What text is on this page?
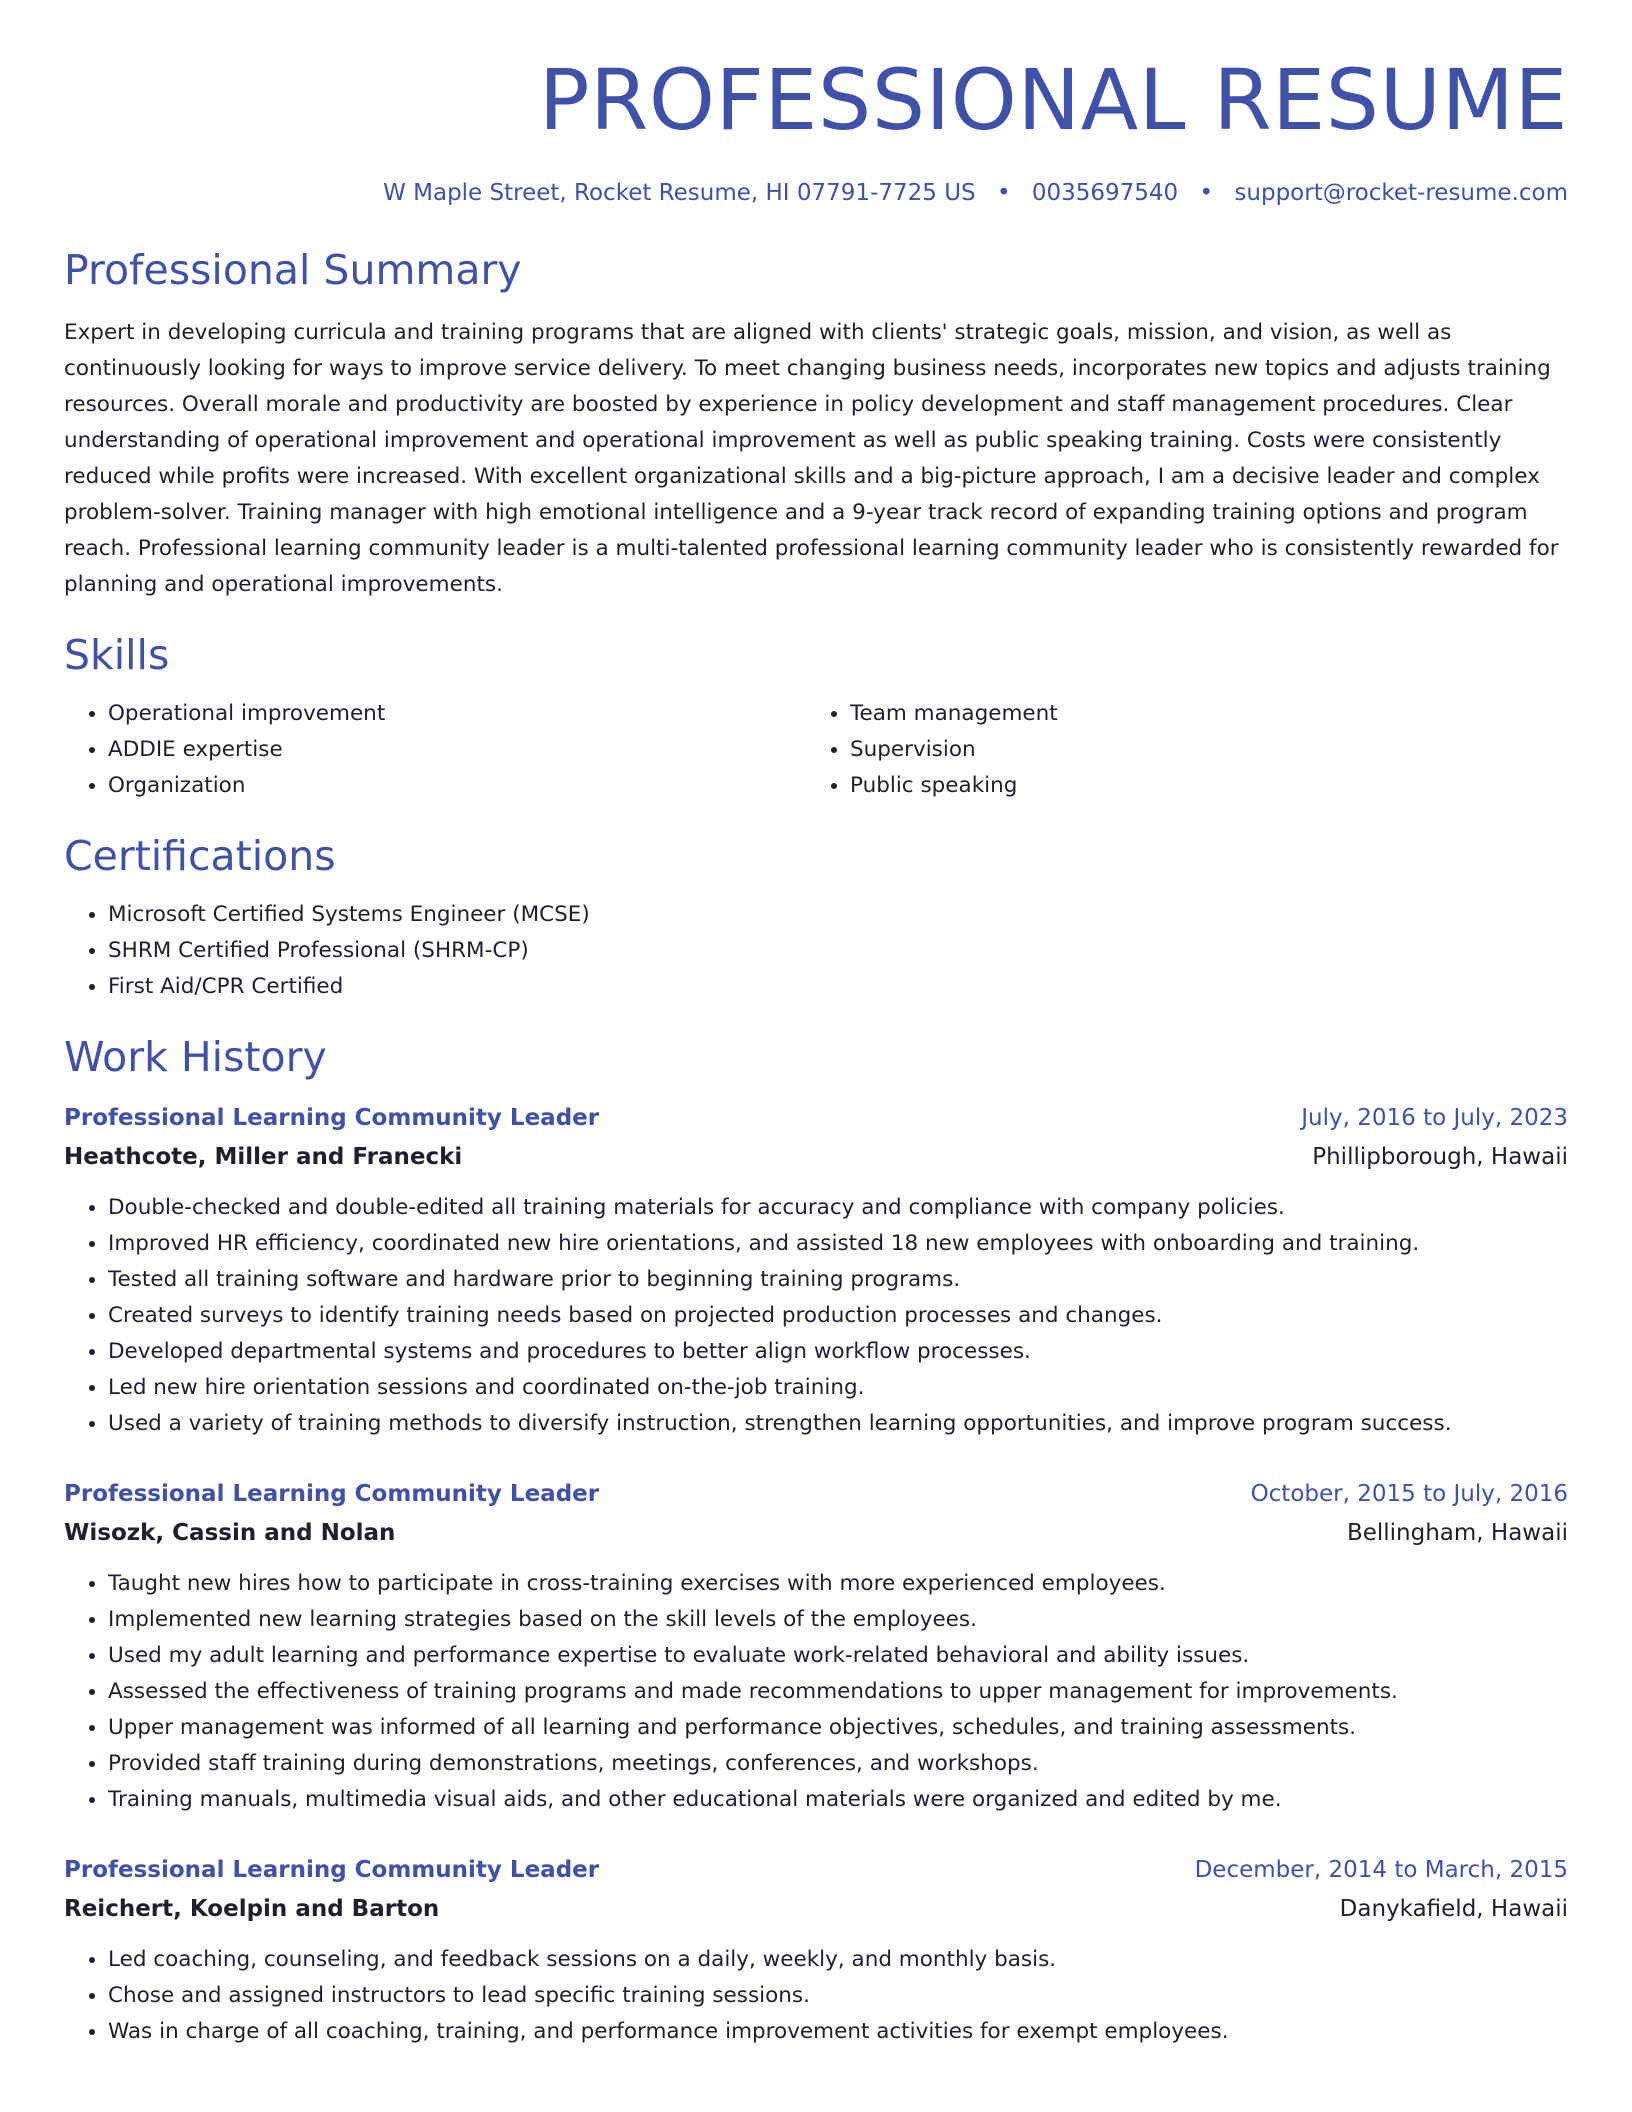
PROFESSIONAL RESUME
W Maple Street, Rocket Resume, HI 07791-7725 US • 0035697540 • support@rocket-resume.com
Professional Summary
Expert in developing curricula and training programs that are aligned with clients' strategic goals, mission, and vision, as well as continuously looking for ways to improve service delivery. To meet changing business needs, incorporates new topics and adjusts training resources. Overall morale and productivity are boosted by experience in policy development and staff management procedures. Clear understanding of operational improvement and operational improvement as well as public speaking training. Costs were consistently reduced while profits were increased. With excellent organizational skills and a big-picture approach, I am a decisive leader and complex problem-solver. Training manager with high emotional intelligence and a 9-year track record of expanding training options and program reach. Professional learning community leader is a multi-talented professional learning community leader who is consistently rewarded for planning and operational improvements.
Skills
• Operational improvement
• ADDIE expertise
• Organization
• Team management
• Supervision
• Public speaking
Certifications
• Microsoft Certified Systems Engineer (MCSE)
• SHRM Certified Professional (SHRM-CP)
• First Aid/CPR Certified
Work History
Professional Learning Community Leader	July, 2016 to July, 2023
Heathcote, Miller and Franecki	Phillipborough, Hawaii
• Double-checked and double-edited all training materials for accuracy and compliance with company policies.
• Improved HR efficiency, coordinated new hire orientations, and assisted 18 new employees with onboarding and training.
• Tested all training software and hardware prior to beginning training programs.
• Created surveys to identify training needs based on projected production processes and changes.
• Developed departmental systems and procedures to better align workflow processes.
• Led new hire orientation sessions and coordinated on-the-job training.
• Used a variety of training methods to diversify instruction, strengthen learning opportunities, and improve program success.
Professional Learning Community Leader	October, 2015 to July, 2016
Wisozk, Cassin and Nolan	Bellingham, Hawaii
• Taught new hires how to participate in cross-training exercises with more experienced employees.
• Implemented new learning strategies based on the skill levels of the employees.
• Used my adult learning and performance expertise to evaluate work-related behavioral and ability issues.
• Assessed the effectiveness of training programs and made recommendations to upper management for improvements.
• Upper management was informed of all learning and performance objectives, schedules, and training assessments.
• Provided staff training during demonstrations, meetings, conferences, and workshops.
• Training manuals, multimedia visual aids, and other educational materials were organized and edited by me.
Professional Learning Community Leader	December, 2014 to March, 2015
Reichert, Koelpin and Barton	Danykafield, Hawaii
• Led coaching, counseling, and feedback sessions on a daily, weekly, and monthly basis.
• Chose and assigned instructors to lead specific training sessions.
• Was in charge of all coaching, training, and performance improvement activities for exempt employees.
